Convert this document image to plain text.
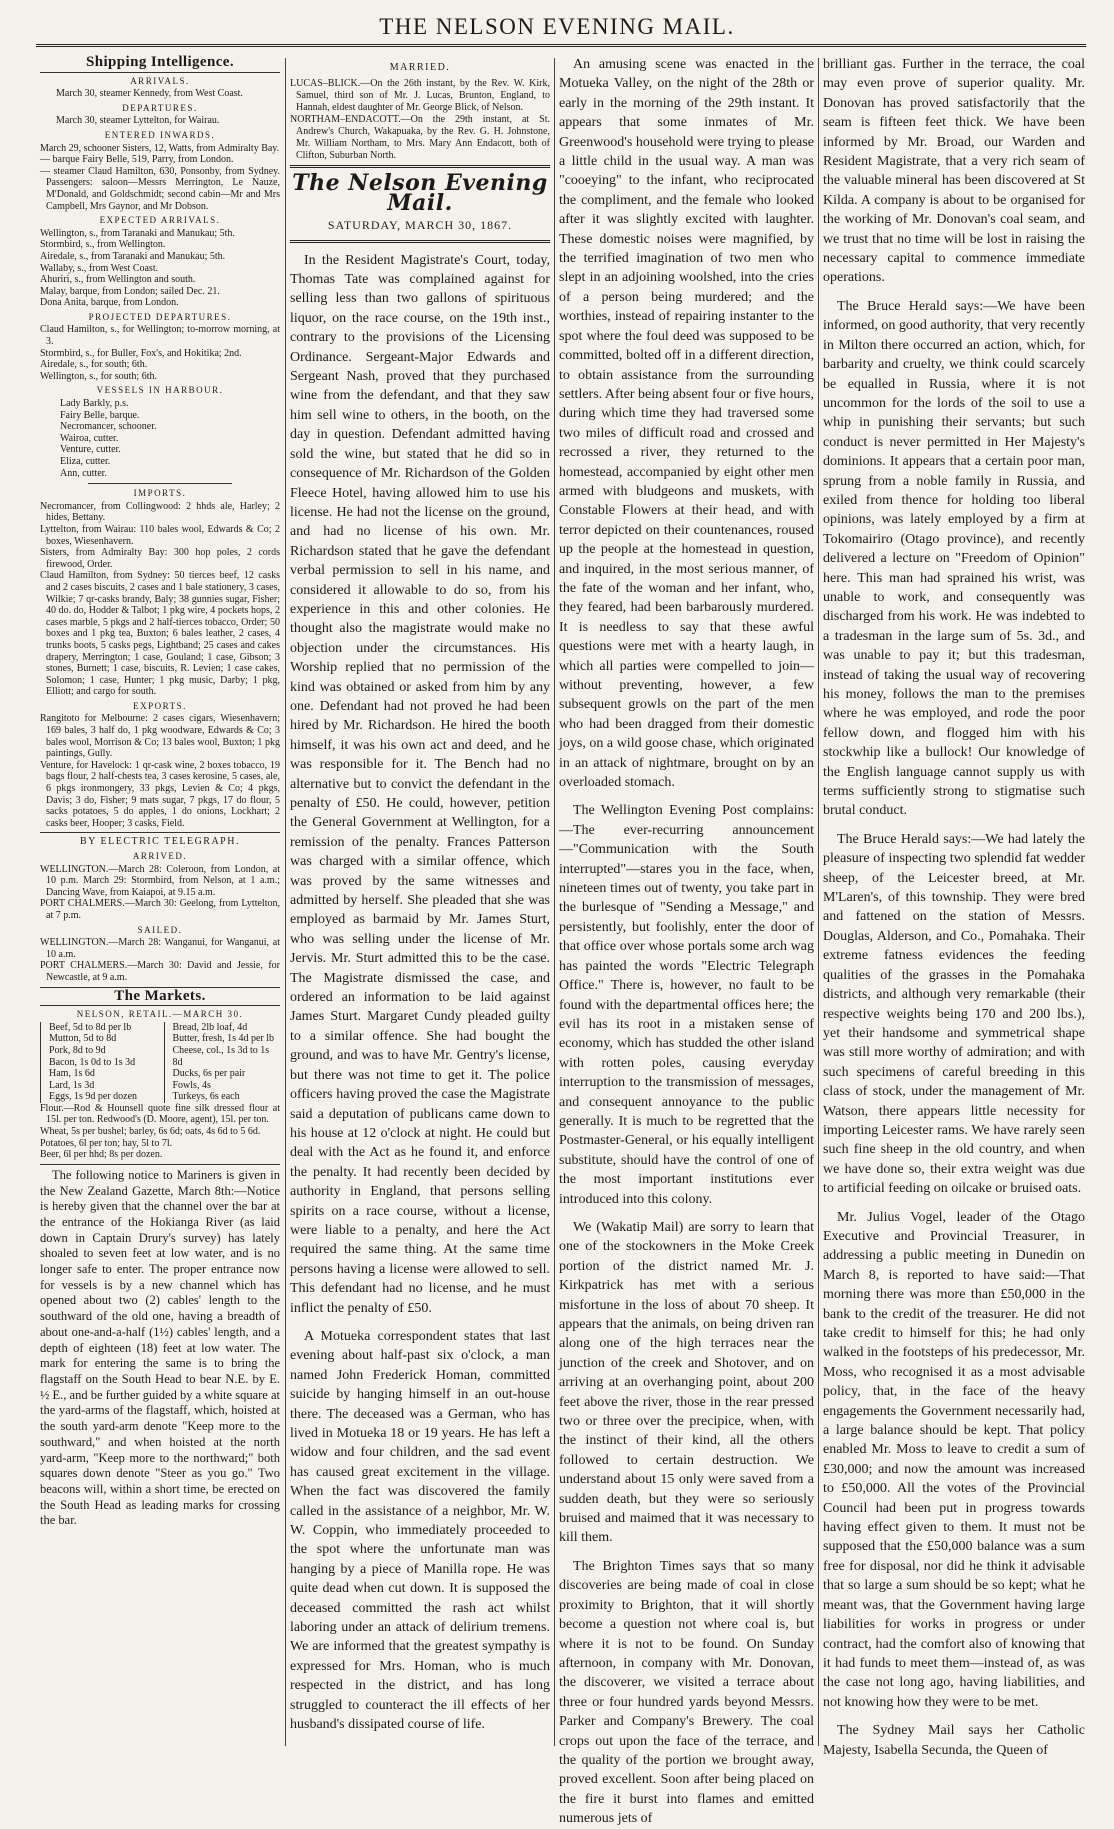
THE NELSON EVENING MAIL.
Shipping Intelligence.
ARRIVALS.
March 30, steamer Kennedy, from West Coast.
DEPARTURES.
March 30, steamer Lyttelton, for Wairau.
ENTERED INWARDS.
March 29, schooner Sisters, 12, Watts, from Admiralty Bay.
— barque Fairy Belle, 519, Parry, from London.
— steamer Claud Hamilton, 630, Ponsonby, from Sydney. Passengers: saloon—Messrs Merrington, Le Nauze, M'Donald, and Goldschmidt; second cabin—Mr and Mrs Campbell, Mrs Gaynor, and Mr Dobson.
EXPECTED ARRIVALS.
Wellington, s., from Taranaki and Manukau; 5th.
Stormbird, s., from Wellington.
Airedale, s., from Taranaki and Manukau; 5th.
Wallaby, s., from West Coast.
Ahuriri, s., from Wellington and south.
Malay, barque, from London; sailed Dec. 21.
Dona Anita, barque, from London.
PROJECTED DEPARTURES.
Claud Hamilton, s., for Wellington; to-morrow morning, at 3.
Stormbird, s., for Buller, Fox's, and Hokitika; 2nd.
Airedale, s., for south; 6th.
Wellington, s., for south; 6th.
VESSELS IN HARBOUR.
Lady Barkly, p.s.
Fairy Belle, barque.
Necromancer, schooner.
Wairoa, cutter.
Venture, cutter.
Eliza, cutter.
Ann, cutter.
IMPORTS.
Necromancer, from Collingwood: 2 hhds ale, Harley; 2 hides, Bettany.
Lyttelton, from Wairau: 110 bales wool, Edwards & Co; 2 boxes, Wiesenhavern.
Sisters, from Admiralty Bay: 300 hop poles, 2 cords firewood, Order.
Claud Hamilton, from Sydney: 50 tierces beef, 12 casks and 2 cases biscuits, 2 cases and 1 bale stationery, 3 cases, Wilkie; 7 qr-casks brandy, Baly; 38 gunnies sugar, Fisher; 40 do. do, Hodder & Talbot; 1 pkg wire, 4 pockets hops, 2 cases marble, 5 pkgs and 2 half-tierces tobacco, Order; 50 boxes and 1 pkg tea, Buxton; 6 bales leather, 2 cases, 4 trunks boots, 5 casks pegs, Lightband; 25 cases and cakes drapery, Merrington; 1 case, Gouland; 1 case, Gibson; 3 stones, Burnett; 1 case, biscuits, R. Levien; 1 case cakes, Solomon; 1 case, Hunter; 1 pkg music, Darby; 1 pkg, Elliott; and cargo for south.
EXPORTS.
Rangitoto for Melbourne: 2 cases cigars, Wiesenhavern; 169 bales, 3 half do, 1 pkg woodware, Edwards & Co; 3 bales wool, Morrison & Co; 13 bales wool, Buxton; 1 pkg paintings, Gully.
Venture, for Havelock: 1 qr-cask wine, 2 boxes tobacco, 19 bags flour, 2 half-chests tea, 3 cases kerosine, 5 cases, ale, 6 pkgs ironmongery, 33 pkgs, Levien & Co; 4 pkgs, Davis; 3 do, Fisher; 9 mats sugar, 7 pkgs, 17 do flour, 5 sacks potatoes, 5 do apples, 1 do onions, Lockhart; 2 casks beer, Hooper; 3 casks, Field.
BY ELECTRIC TELEGRAPH.
ARRIVED.
WELLINGTON.—March 28: Coleroon, from London, at 10 p.m. March 29: Stormbird, from Nelson, at 1 a.m.; Dancing Wave, from Kaiapoi, at 9.15 a.m.
PORT CHALMERS.—March 30: Geelong, from Lyttelton, at 7 p.m.
SAILED.
WELLINGTON.—March 28: Wanganui, for Wanganui, at 10 a.m.
PORT CHALMERS.—March 30: David and Jessie, for Newcastle, at 9 a.m.
The Markets.
NELSON, RETAIL.—MARCH 30.
Beef, 5d to 8d per lb
Mutton, 5d to 8d
Pork, 8d to 9d
Bacon, 1s 0d to 1s 3d
Ham, 1s 6d
Lard, 1s 3d
Eggs, 1s 9d per dozen
Bread, 2lb loaf, 4d
Butter, fresh, 1s 4d per lb
Cheese, col., 1s 3d to 1s 8d
Ducks, 6s per pair
Fowls, 4s
Turkeys, 6s each
Flour.—Rod & Hounsell quote fine silk dressed flour at 15l. per ton. Redwood's (D. Moore, agent), 15l. per ton.
Wheat, 5s per bushel; barley, 6s 6d; oats, 4s 6d to 5 6d.
Potatoes, 6l per ton; hay, 5l to 7l.
Beer, 6l per hhd; 8s per dozen.
The following notice to Mariners is given in the New Zealand Gazette, March 8th:—Notice is hereby given that the channel over the bar at the entrance of the Hokianga River (as laid down in Captain Drury's survey) has lately shoaled to seven feet at low water, and is no longer safe to enter. The proper entrance now for vessels is by a new channel which has opened about two (2) cables' length to the southward of the old one, having a breadth of about one-and-a-half (1½) cables' length, and a depth of eighteen (18) feet at low water. The mark for entering the same is to bring the flagstaff on the South Head to bear N.E. by E. ½ E., and be further guided by a white square at the yard-arms of the flagstaff, which, hoisted at the south yard-arm denote "Keep more to the southward," and when hoisted at the north yard-arm, "Keep more to the northward;" both squares down denote "Steer as you go." Two beacons will, within a short time, be erected on the South Head as leading marks for crossing the bar.
MARRIED.
LUCAS–BLICK.—On the 26th instant, by the Rev. W. Kirk, Samuel, third son of Mr. J. Lucas, Brunton, England, to Hannah, eldest daughter of Mr. George Blick, of Nelson.
NORTHAM–ENDACOTT.—On the 29th instant, at St. Andrew's Church, Wakapuaka, by the Rev. G. H. Johnstone, Mr. William Northam, to Mrs. Mary Ann Endacott, both of Clifton, Suburban North.
The Nelson Evening Mail.
SATURDAY, MARCH 30, 1867.
In the Resident Magistrate's Court, today, Thomas Tate was complained against for selling less than two gallons of spirituous liquor, on the race course, on the 19th inst., contrary to the provisions of the Licensing Ordinance. Sergeant-Major Edwards and Sergeant Nash, proved that they purchased wine from the defendant, and that they saw him sell wine to others, in the booth, on the day in question. Defendant admitted having sold the wine, but stated that he did so in consequence of Mr. Richardson of the Golden Fleece Hotel, having allowed him to use his license. He had not the license on the ground, and had no license of his own. Mr. Richardson stated that he gave the defendant verbal permission to sell in his name, and considered it allowable to do so, from his experience in this and other colonies. He thought also the magistrate would make no objection under the circumstances. His Worship replied that no permission of the kind was obtained or asked from him by any one. Defendant had not proved he had been hired by Mr. Richardson. He hired the booth himself, it was his own act and deed, and he was responsible for it. The Bench had no alternative but to convict the defendant in the penalty of £50. He could, however, petition the General Government at Wellington, for a remission of the penalty. Frances Patterson was charged with a similar offence, which was proved by the same witnesses and admitted by herself. She pleaded that she was employed as barmaid by Mr. James Sturt, who was selling under the license of Mr. Jervis. Mr. Sturt admitted this to be the case. The Magistrate dismissed the case, and ordered an information to be laid against James Sturt. Margaret Cundy pleaded guilty to a similar offence. She had bought the ground, and was to have Mr. Gentry's license, but there was not time to get it. The police officers having proved the case the Magistrate said a deputation of publicans came down to his house at 12 o'clock at night. He could but deal with the Act as he found it, and enforce the penalty. It had recently been decided by authority in England, that persons selling spirits on a race course, without a license, were liable to a penalty, and here the Act required the same thing. At the same time persons having a license were allowed to sell. This defendant had no license, and he must inflict the penalty of £50.
A Motueka correspondent states that last evening about half-past six o'clock, a man named John Frederick Homan, committed suicide by hanging himself in an out-house there. The deceased was a German, who has lived in Motueka 18 or 19 years. He has left a widow and four children, and the sad event has caused great excitement in the village. When the fact was discovered the family called in the assistance of a neighbor, Mr. W. W. Coppin, who immediately proceeded to the spot where the unfortunate man was hanging by a piece of Manilla rope. He was quite dead when cut down. It is supposed the deceased committed the rash act whilst laboring under an attack of delirium tremens. We are informed that the greatest sympathy is expressed for Mrs. Homan, who is much respected in the district, and has long struggled to counteract the ill effects of her husband's dissipated course of life.
An amusing scene was enacted in the Motueka Valley, on the night of the 28th or early in the morning of the 29th instant. It appears that some inmates of Mr. Greenwood's household were trying to please a little child in the usual way. A man was "cooeying" to the infant, who reciprocated the compliment, and the female who looked after it was slightly excited with laughter. These domestic noises were magnified, by the terrified imagination of two men who slept in an adjoining woolshed, into the cries of a person being murdered; and the worthies, instead of repairing instanter to the spot where the foul deed was supposed to be committed, bolted off in a different direction, to obtain assistance from the surrounding settlers. After being absent four or five hours, during which time they had traversed some two miles of difficult road and crossed and recrossed a river, they returned to the homestead, accompanied by eight other men armed with bludgeons and muskets, with Constable Flowers at their head, and with terror depicted on their countenances, roused up the people at the homestead in question, and inquired, in the most serious manner, of the fate of the woman and her infant, who, they feared, had been barbarously murdered. It is needless to say that these awful questions were met with a hearty laugh, in which all parties were compelled to join—without preventing, however, a few subsequent growls on the part of the men who had been dragged from their domestic joys, on a wild goose chase, which originated in an attack of nightmare, brought on by an overloaded stomach.
The Wellington Evening Post complains:—The ever-recurring announcement—"Communication with the South interrupted"—stares you in the face, when, nineteen times out of twenty, you take part in the burlesque of "Sending a Message," and persistently, but foolishly, enter the door of that office over whose portals some arch wag has painted the words "Electric Telegraph Office." There is, however, no fault to be found with the departmental offices here; the evil has its root in a mistaken sense of economy, which has studded the other island with rotten poles, causing everyday interruption to the transmission of messages, and consequent annoyance to the public generally. It is much to be regretted that the Postmaster-General, or his equally intelligent substitute, should have the control of one of the most important institutions ever introduced into this colony.
We (Wakatip Mail) are sorry to learn that one of the stockowners in the Moke Creek portion of the district named Mr. J. Kirkpatrick has met with a serious misfortune in the loss of about 70 sheep. It appears that the animals, on being driven ran along one of the high terraces near the junction of the creek and Shotover, and on arriving at an overhanging point, about 200 feet above the river, those in the rear pressed two or three over the precipice, when, with the instinct of their kind, all the others followed to certain destruction. We understand about 15 only were saved from a sudden death, but they were so seriously bruised and maimed that it was necessary to kill them.
The Brighton Times says that so many discoveries are being made of coal in close proximity to Brighton, that it will shortly become a question not where coal is, but where it is not to be found. On Sunday afternoon, in company with Mr. Donovan, the discoverer, we visited a terrace about three or four hundred yards beyond Messrs. Parker and Company's Brewery. The coal crops out upon the face of the terrace, and the quality of the portion we brought away, proved excellent. Soon after being placed on the fire it burst into flames and emitted numerous jets of
brilliant gas. Further in the terrace, the coal may even prove of superior quality. Mr. Donovan has proved satisfactorily that the seam is fifteen feet thick. We have been informed by Mr. Broad, our Warden and Resident Magistrate, that a very rich seam of the valuable mineral has been discovered at St Kilda. A company is about to be organised for the working of Mr. Donovan's coal seam, and we trust that no time will be lost in raising the necessary capital to commence immediate operations.
The Bruce Herald says:—We have been informed, on good authority, that very recently in Milton there occurred an action, which, for barbarity and cruelty, we think could scarcely be equalled in Russia, where it is not uncommon for the lords of the soil to use a whip in punishing their servants; but such conduct is never permitted in Her Majesty's dominions. It appears that a certain poor man, sprung from a noble family in Russia, and exiled from thence for holding too liberal opinions, was lately employed by a firm at Tokomairiro (Otago province), and recently delivered a lecture on "Freedom of Opinion" here. This man had sprained his wrist, was unable to work, and consequently was discharged from his work. He was indebted to a tradesman in the large sum of 5s. 3d., and was unable to pay it; but this tradesman, instead of taking the usual way of recovering his money, follows the man to the premises where he was employed, and rode the poor fellow down, and flogged him with his stockwhip like a bullock! Our knowledge of the English language cannot supply us with terms sufficiently strong to stigmatise such brutal conduct.
The Bruce Herald says:—We had lately the pleasure of inspecting two splendid fat wedder sheep, of the Leicester breed, at Mr. M'Laren's, of this township. They were bred and fattened on the station of Messrs. Douglas, Alderson, and Co., Pomahaka. Their extreme fatness evidences the feeding qualities of the grasses in the Pomahaka districts, and although very remarkable (their respective weights being 170 and 200 lbs.), yet their handsome and symmetrical shape was still more worthy of admiration; and with such specimens of careful breeding in this class of stock, under the management of Mr. Watson, there appears little necessity for importing Leicester rams. We have rarely seen such fine sheep in the old country, and when we have done so, their extra weight was due to artificial feeding on oilcake or bruised oats.
Mr. Julius Vogel, leader of the Otago Executive and Provincial Treasurer, in addressing a public meeting in Dunedin on March 8, is reported to have said:—That morning there was more than £50,000 in the bank to the credit of the treasurer. He did not take credit to himself for this; he had only walked in the footsteps of his predecessor, Mr. Moss, who recognised it as a most advisable policy, that, in the face of the heavy engagements the Government necessarily had, a large balance should be kept. That policy enabled Mr. Moss to leave to credit a sum of £30,000; and now the amount was increased to £50,000. All the votes of the Provincial Council had been put in progress towards having effect given to them. It must not be supposed that the £50,000 balance was a sum free for disposal, nor did he think it advisable that so large a sum should be so kept; what he meant was, that the Government having large liabilities for works in progress or under contract, had the comfort also of knowing that it had funds to meet them—instead of, as was the case not long ago, having liabilities, and not knowing how they were to be met.
The Sydney Mail says her Catholic Majesty, Isabella Secunda, the Queen of
